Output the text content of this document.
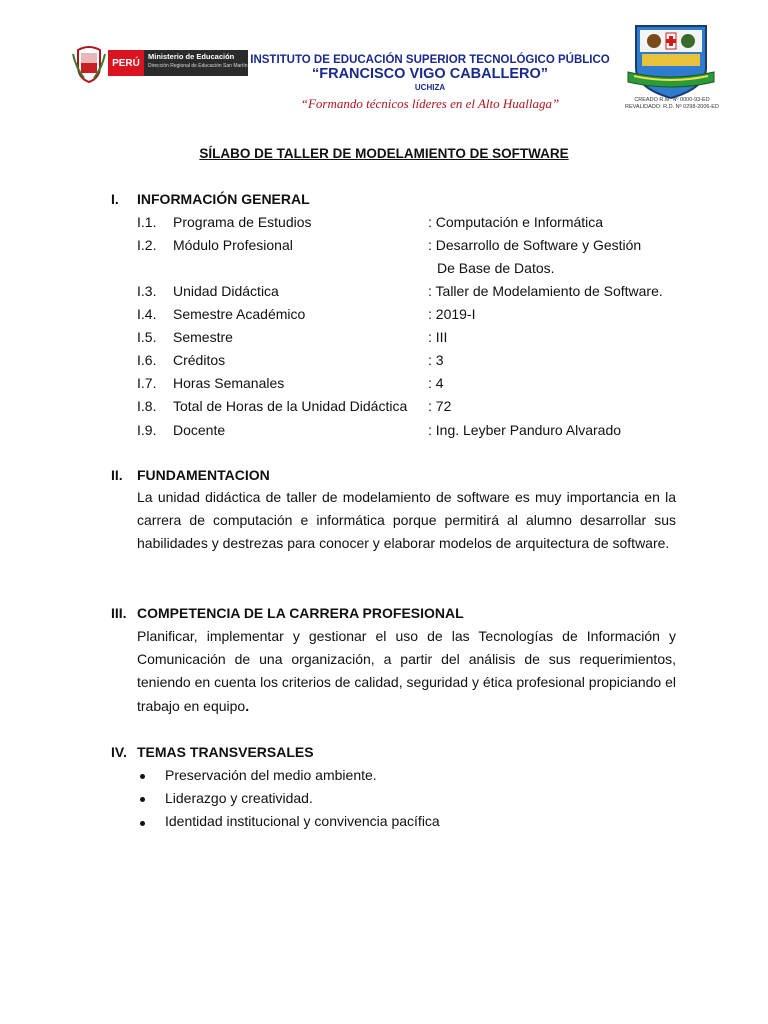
PERÚ
Ministerio de Educación
Dirección Regional de Educación San Martín INSTITUTO DE EDUCACIÓN SUPERIOR TECNOLÓGICO PÚBLICO
“FRANCISCO VIGO CABALLERO”
UCHIZA
“Formando técnicos líderes en el Alto Huallaga”	CREADO R.M. Nº 0000-93-ED
REVALIDADO: R.D. Nº 0298-2006-ED
SÍLABO DE TALLER DE MODELAMIENTO DE SOFTWARE
I. INFORMACIÓN GENERAL
I.1. Programa de Estudios	: Computación e Informática
I.2. Módulo Profesional	: Desarrollo de Software y Gestión
De Base de Datos.
I.3. Unidad Didáctica	: Taller de Modelamiento de Software.
I.4. Semestre Académico	: 2019-I
I.5. Semestre	: III
I.6. Créditos	: 3
I.7. Horas Semanales	: 4
I.8. Total de Horas de la Unidad Didáctica : 72
I.9. Docente	: Ing. Leyber Panduro Alvarado
II. FUNDAMENTACION
La unidad didáctica de taller de modelamiento de software es muy importancia en la carrera de computación e informática porque permitirá al alumno desarrollar sus habilidades y destrezas para conocer y elaborar modelos de arquitectura de software.
III. COMPETENCIA DE LA CARRERA PROFESIONAL
Planificar, implementar y gestionar el uso de las Tecnologías de Información y Comunicación de una organización, a partir del análisis de sus requerimientos, teniendo en cuenta los criterios de calidad, seguridad y ética profesional propiciando el trabajo en equipo.
IV. TEMAS TRANSVERSALES
Preservación del medio ambiente.
Liderazgo y creatividad.
Identidad institucional y convivencia pacífica
